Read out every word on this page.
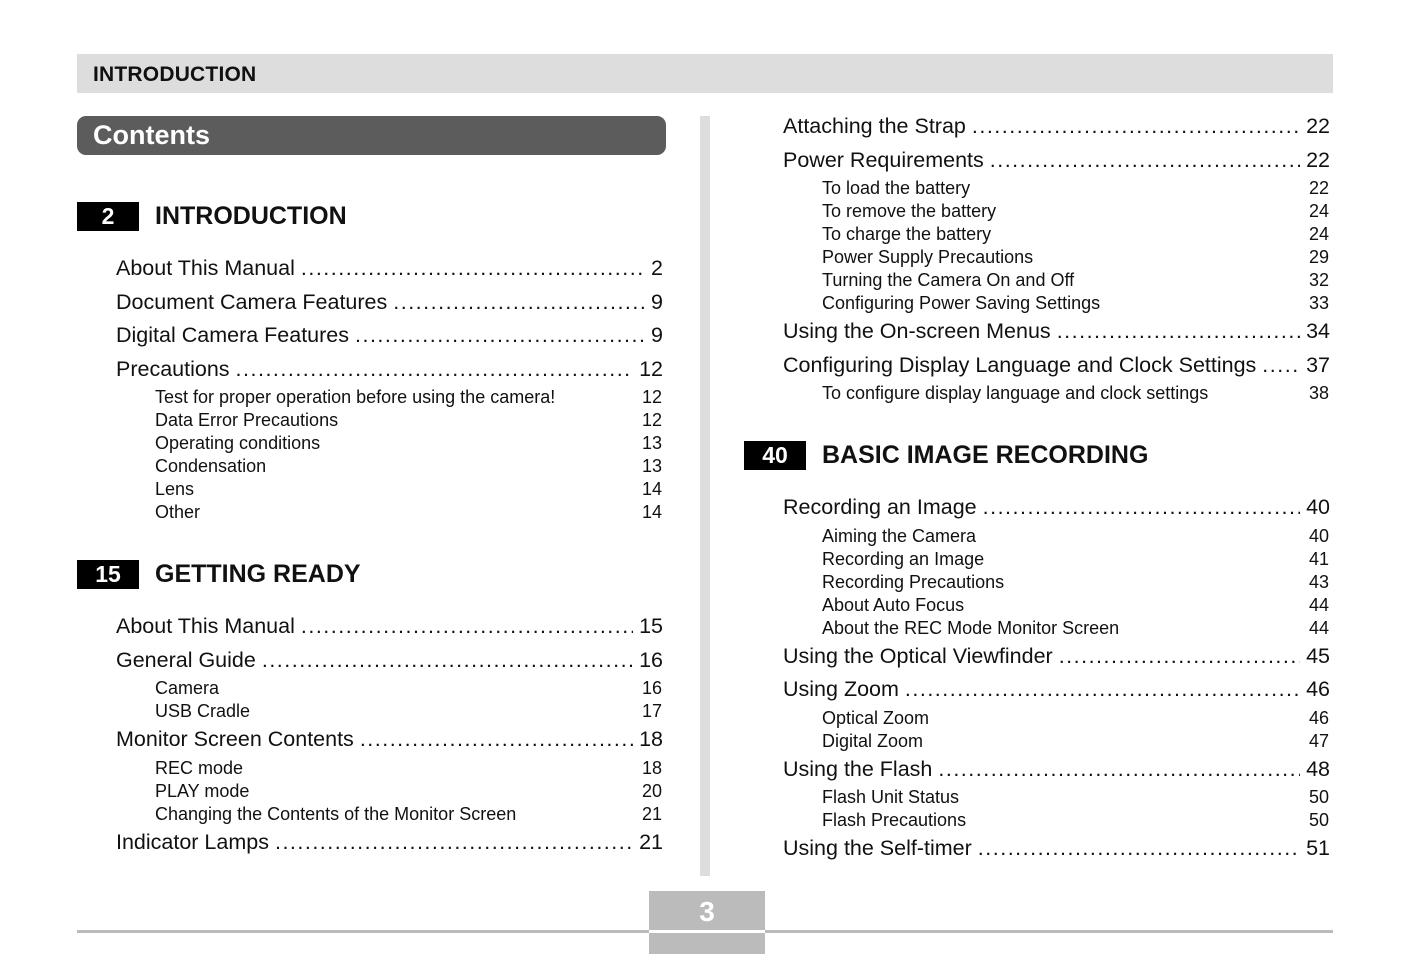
INTRODUCTION
Contents
2	INTRODUCTION
About This Manual .....	2
Document Camera Features .....	9
Digital Camera Features .....	9
Precautions .....	12
Test for proper operation before using the camera!	12
Data Error Precautions	12
Operating conditions	13
Condensation	13
Lens	14
Other	14
15	GETTING READY
About This Manual .....	15
General Guide .....	16
Camera	16
USB Cradle	17
Monitor Screen Contents .....	18
REC mode	18
PLAY mode	20
Changing the Contents of the Monitor Screen	21
Indicator Lamps .....	21
Attaching the Strap .....	22
Power Requirements .....	22
To load the battery	22
To remove the battery	24
To charge the battery	24
Power Supply Precautions	29
Turning the Camera On and Off	32
Configuring Power Saving Settings	33
Using the On-screen Menus .....	34
Configuring Display Language and Clock Settings ..... 37
To configure display language and clock settings	38
40	BASIC IMAGE RECORDING
Recording an Image .....	40
Aiming the Camera	40
Recording an Image	41
Recording Precautions	43
About Auto Focus	44
About the REC Mode Monitor Screen	44
Using the Optical Viewfinder .....	45
Using Zoom .....	46
Optical Zoom	46
Digital Zoom	47
Using the Flash .....	48
Flash Unit Status	50
Flash Precautions	50
Using the Self-timer .....	51
3
